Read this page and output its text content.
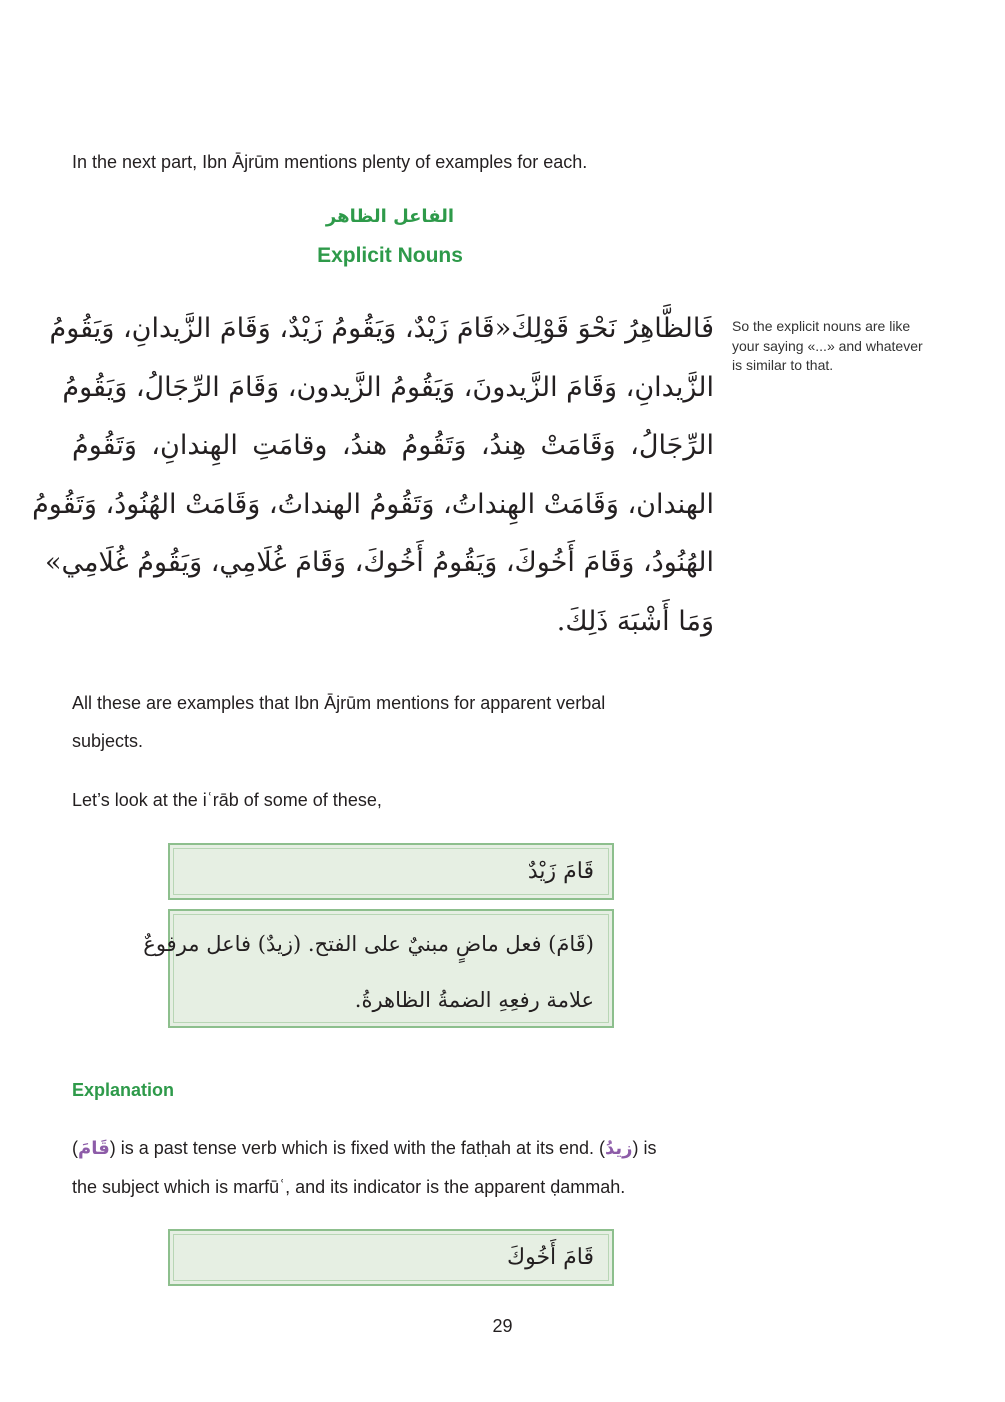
In the next part, Ibn Ājrūm mentions plenty of examples for each.

الفاعل الظاهر
Explicit Nouns
فَالظَّاهِرُ نَحْوَ قَوْلِكَ«قَامَ زَيْدٌ، وَيَقُومُ زَيْدٌ، وَقَامَ الزَّيدانِ، وَيَقُومُ
الزَّيدانِ، وَقَامَ الزَّيدونَ، وَيَقُومُ الزَّيدون، وَقَامَ الرِّجَالُ، وَيَقُومُ
الرِّجَالُ، وَقَامَتْ هِندُ، وَتَقُومُ هندُ، وقامَتِ الهِندانِ، وَتَقُومُ
الهندان، وَقَامَتْ الهِنداتُ، وَتَقُومُ الهنداتُ، وَقَامَتْ الهُنُودُ، وَتَقُومُ
الهُنُودُ، وَقَامَ أَخُوكَ، وَيَقُومُ أَخُوكَ، وَقَامَ غُلَامِي، وَيَقُومُ غُلَامِي»
وَمَا أَشْبَهَ ذَلِكَ.
So the explicit nouns are like your saying «...» and whatever is similar to that.

All these are examples that Ibn Ājrūm mentions for apparent verbal subjects.

Let’s look at the iʿrāb of some of these,

قَامَ زَيْدٌ
(قَامَ) فعل ماضٍ مبنيٌ على الفتح. (زيدٌ) فاعل مرفوعٌ
علامة رفعِهِ الضمةُ الظاهرةُ.

Explanation

(قَامَ) is a past tense verb which is fixed with the fatḥah at its end. (زيدُ) is

the subject which is marfūʿ, and its indicator is the apparent ḍammah.

قَامَ أَخُوكَ
29
